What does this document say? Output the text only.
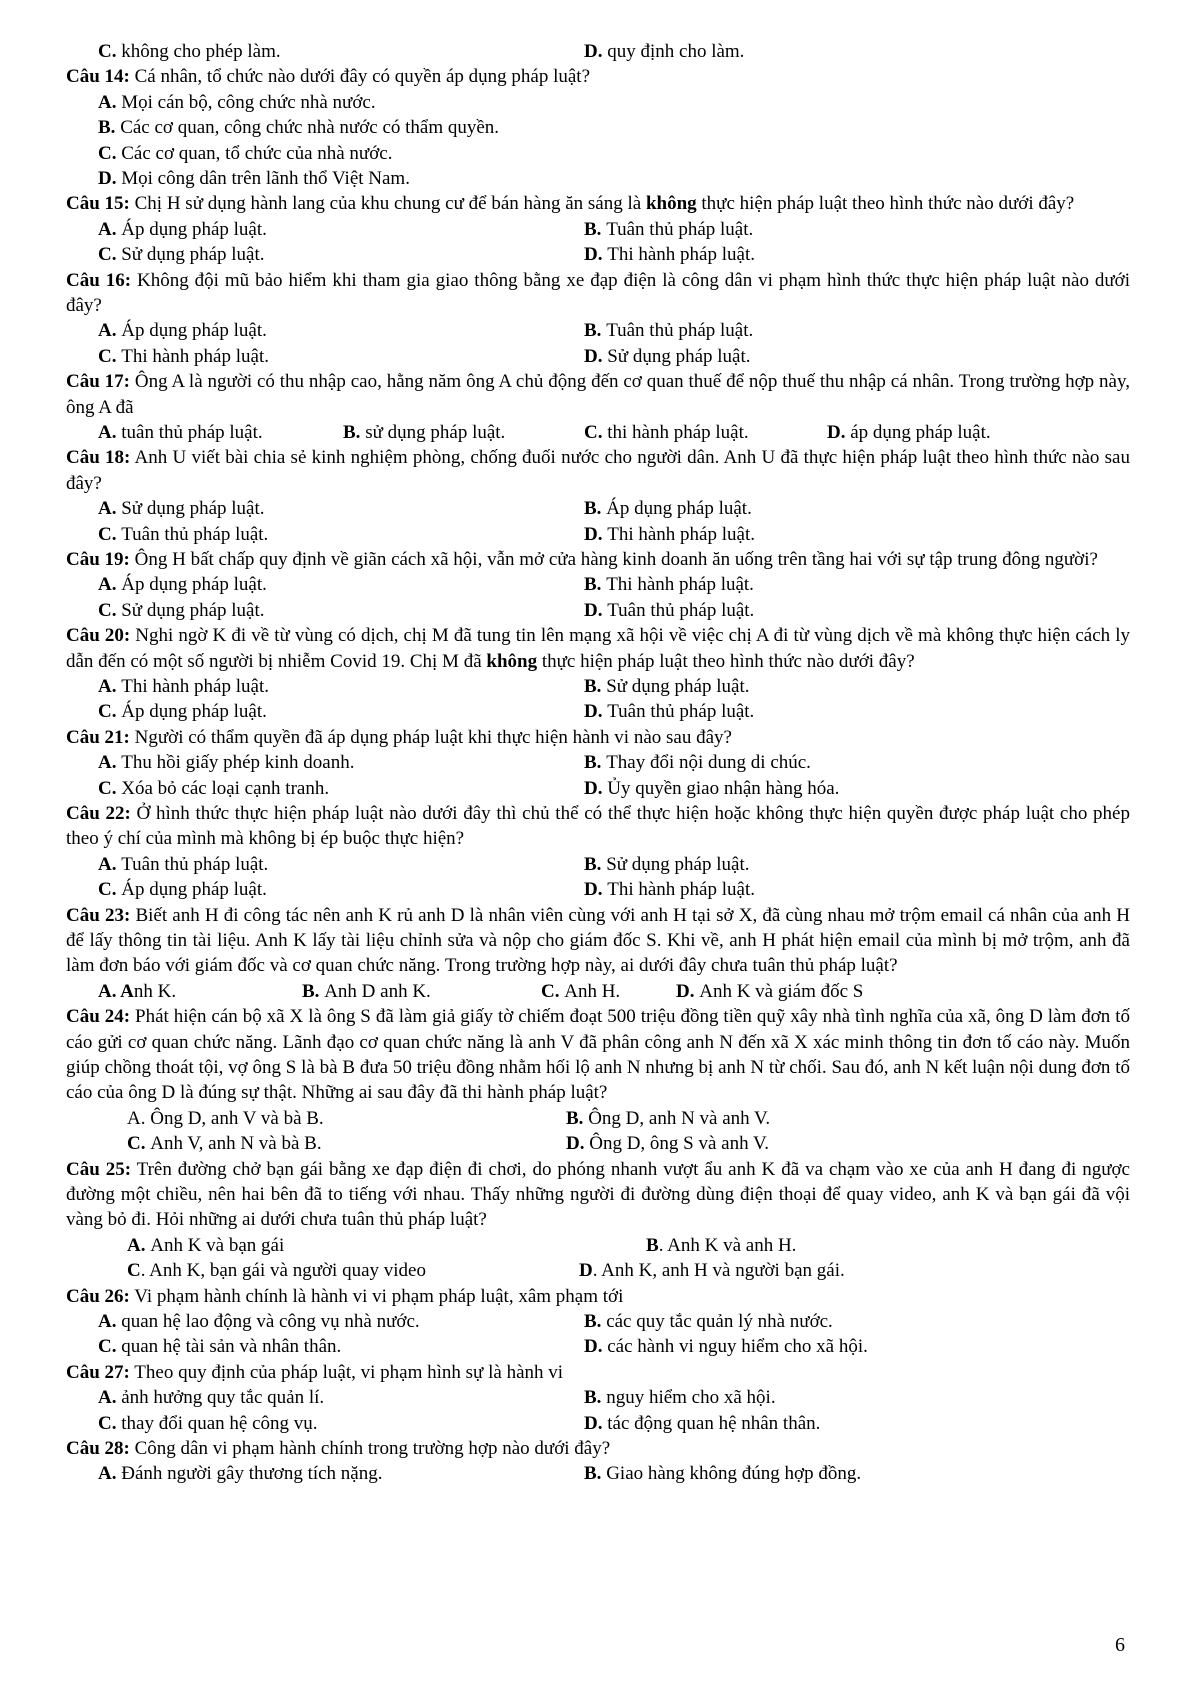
C. không cho phép làm.	D. quy định cho làm.
Câu 14: Cá nhân, tổ chức nào dưới đây có quyền áp dụng pháp luật?
A. Mọi cán bộ, công chức nhà nước.
B. Các cơ quan, công chức nhà nước có thẩm quyền.
C. Các cơ quan, tổ chức của nhà nước.
D. Mọi công dân trên lãnh thổ Việt Nam.
Câu 15: Chị H sử dụng hành lang của khu chung cư để bán hàng ăn sáng là không thực hiện pháp luật theo hình thức nào dưới đây?
A. Áp dụng pháp luật.	B. Tuân thủ pháp luật.
C. Sử dụng pháp luật.	D. Thi hành pháp luật.
Câu 16: Không đội mũ bảo hiểm khi tham gia giao thông bằng xe đạp điện là công dân vi phạm hình thức thực hiện pháp luật nào dưới đây?
A. Áp dụng pháp luật.	B. Tuân thủ pháp luật.
C. Thi hành pháp luật.	D. Sử dụng pháp luật.
Câu 17: Ông A là người có thu nhập cao, hằng năm ông A chủ động đến cơ quan thuế để nộp thuế thu nhập cá nhân. Trong trường hợp này, ông A đã
A. tuân thủ pháp luật.	B. sử dụng pháp luật.	C. thi hành pháp luật.	D. áp dụng pháp luật.
Câu 18: Anh U viết bài chia sẻ kinh nghiệm phòng, chống đuối nước cho người dân. Anh U đã thực hiện pháp luật theo hình thức nào sau đây?
A. Sử dụng pháp luật.	B. Áp dụng pháp luật.
C. Tuân thủ pháp luật.	D. Thi hành pháp luật.
Câu 19: Ông H bất chấp quy định về giãn cách xã hội, vẫn mở cửa hàng kinh doanh ăn uống trên tầng hai với sự tập trung đông người?
A. Áp dụng pháp luật.	B. Thi hành pháp luật.
C. Sử dụng pháp luật.	D. Tuân thủ pháp luật.
Câu 20: Nghi ngờ K đi về từ vùng có dịch, chị M đã tung tin lên mạng xã hội về việc chị A đi từ vùng dịch về mà không thực hiện cách ly dẫn đến có một số người bị nhiễm Covid 19. Chị M đã không thực hiện pháp luật theo hình thức nào dưới đây?
A. Thi hành pháp luật.	B. Sử dụng pháp luật.
C. Áp dụng pháp luật.	D. Tuân thủ pháp luật.
Câu 21: Người có thẩm quyền đã áp dụng pháp luật khi thực hiện hành vi nào sau đây?
A. Thu hồi giấy phép kinh doanh.	B. Thay đổi nội dung di chúc.
C. Xóa bỏ các loại cạnh tranh.	D. Ủy quyền giao nhận hàng hóa.
Câu 22: Ở hình thức thực hiện pháp luật nào dưới đây thì chủ thể có thể thực hiện hoặc không thực hiện quyền được pháp luật cho phép theo ý chí của mình mà không bị ép buộc thực hiện?
A. Tuân thủ pháp luật.	B. Sử dụng pháp luật.
C. Áp dụng pháp luật.	D. Thi hành pháp luật.
Câu 23: Biết anh H đi công tác nên anh K rủ anh D là nhân viên cùng với anh H tại sở X, đã cùng nhau mở trộm email cá nhân của anh H để lấy thông tin tài liệu. Anh K lấy tài liệu chỉnh sửa và nộp cho giám đốc S. Khi về, anh H phát hiện email của mình bị mở trộm, anh đã làm đơn báo với giám đốc và cơ quan chức năng. Trong trường hợp này, ai dưới đây chưa tuân thủ pháp luật?
A. Anh K.	B. Anh D anh K.	C. Anh H.	D. Anh K và giám đốc S
Câu 24: Phát hiện cán bộ xã X là ông S đã làm giả giấy tờ chiếm đoạt 500 triệu đồng tiền quỹ xây nhà tình nghĩa của xã, ông D làm đơn tố cáo gửi cơ quan chức năng. Lãnh đạo cơ quan chức năng là anh V đã phân công anh N đến xã X xác minh thông tin đơn tố cáo này. Muốn giúp chồng thoát tội, vợ ông S là bà B đưa 50 triệu đồng nhằm hối lộ anh N nhưng bị anh N từ chối. Sau đó, anh N kết luận nội dung đơn tố cáo của ông D là đúng sự thật. Những ai sau đây đã thi hành pháp luật?
A. Ông D, anh V và bà B.	B. Ông D, anh N và anh V.
C. Anh V, anh N và bà B.	D. Ông D, ông S và anh V.
Câu 25: Trên đường chở bạn gái bằng xe đạp điện đi chơi, do phóng nhanh vượt ẩu anh K đã va chạm vào xe của anh H đang đi ngược đường một chiều, nên hai bên đã to tiếng với nhau. Thấy những người đi đường dùng điện thoại để quay video, anh K và bạn gái đã vội vàng bỏ đi. Hỏi những ai dưới chưa tuân thủ pháp luật?
A. Anh K và bạn gái	B. Anh K và anh H.
C. Anh K, bạn gái và người quay video	D. Anh K, anh H và người bạn gái.
Câu 26: Vi phạm hành chính là hành vi vi phạm pháp luật, xâm phạm tới
A. quan hệ lao động và công vụ nhà nước.	B. các quy tắc quản lý nhà nước.
C. quan hệ tài sản và nhân thân.	D. các hành vi nguy hiểm cho xã hội.
Câu 27: Theo quy định của pháp luật, vi phạm hình sự là hành vi
A. ảnh hưởng quy tắc quản lí.	B. nguy hiểm cho xã hội.
C. thay đổi quan hệ công vụ.	D. tác động quan hệ nhân thân.
Câu 28: Công dân vi phạm hành chính trong trường hợp nào dưới đây?
A. Đánh người gây thương tích nặng.	B. Giao hàng không đúng hợp đồng.
6
